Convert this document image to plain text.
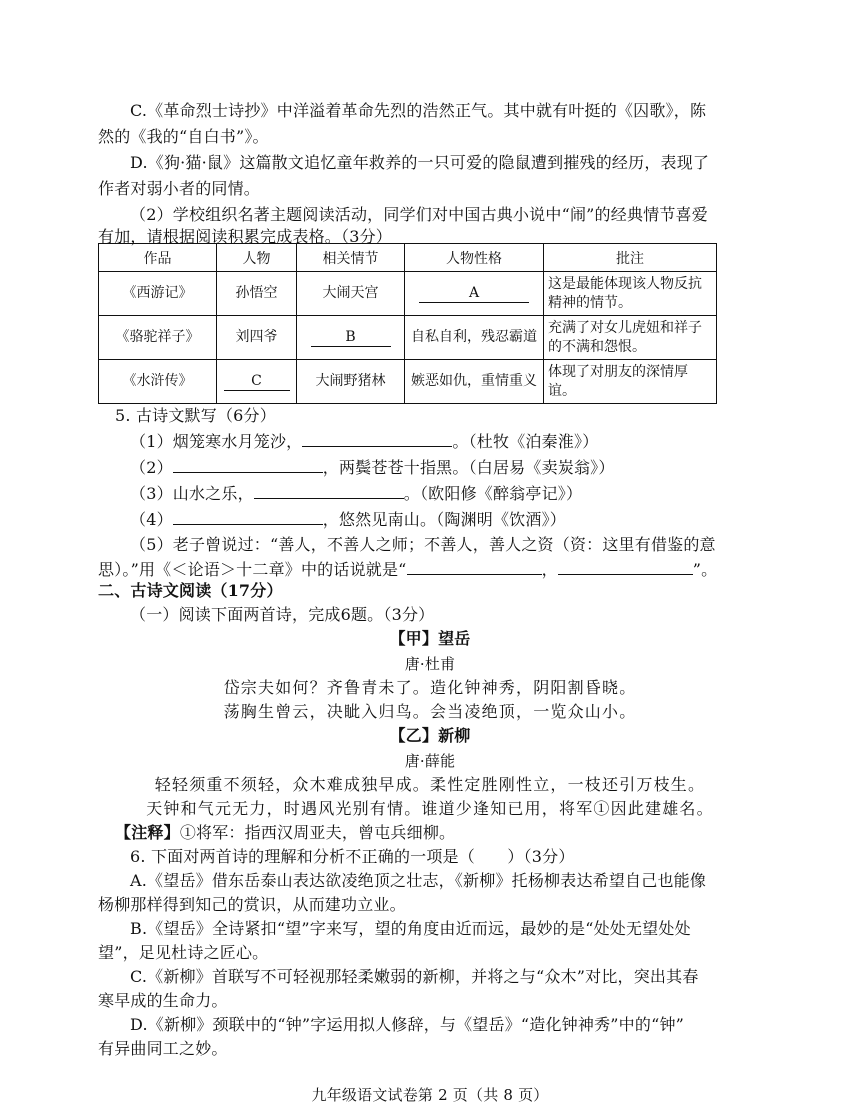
C.《革命烈士诗抄》中洋溢着革命先烈的浩然正气。其中就有叶挺的《囚歌》，陈
然的《我的“自白书”》。
D.《狗·猫·鼠》这篇散文追忆童年救养的一只可爱的隐鼠遭到摧残的经历，表现了
作者对弱小者的同情。
（2）学校组织名著主题阅读活动，同学们对中国古典小说中“闹”的经典情节喜爱
有加，请根据阅读积累完成表格。（3分）
作品	人物	相关情节	人物性格	批注
《西游记》	孙悟空	大闹天宫	A	这是最能体现该人物反抗精神的情节。
《骆驼祥子》	刘四爷	B	自私自利，残忍霸道	充满了对女儿虎妞和祥子的不满和怨恨。
《水浒传》	C	大闹野猪林	嫉恶如仇，重情重义	体现了对朋友的深情厚谊。
5. 古诗文默写（6分）
（1）烟笼寒水月笼沙，	。（杜牧《泊秦淮》）
（2）	，两鬓苍苍十指黑。（白居易《卖炭翁》）
（3）山水之乐，	。（欧阳修《醉翁亭记》）
（4）	，悠然见南山。（陶渊明《饮酒》）
（5）老子曾说过：“善人，不善人之师；不善人，善人之资（资：这里有借鉴的意
思）。”用《＜论语＞十二章》中的话说就是“	，	”。
二、古诗文阅读（17分）
（一）阅读下面两首诗，完成6题。（3分）
【甲】望岳
唐·杜甫
岱宗夫如何？齐鲁青未了。造化钟神秀，阴阳割昏晓。
荡胸生曾云，决眦入归鸟。会当凌绝顶，一览众山小。
【乙】新柳
唐·薛能
轻轻须重不须轻，众木难成独早成。柔性定胜刚性立，一枝还引万枝生。
天钟和气元无力，时遇风光别有情。谁道少逢知已用，将军①因此建雄名。
【注释】①将军：指西汉周亚夫，曾屯兵细柳。
6. 下面对两首诗的理解和分析不正确的一项是（　　）（3分）
A.《望岳》借东岳泰山表达欲凌绝顶之壮志，《新柳》托杨柳表达希望自己也能像
杨柳那样得到知己的赏识，从而建功立业。
B.《望岳》全诗紧扣“望”字来写，望的角度由近而远，最妙的是“处处无望处处
望”，足见杜诗之匠心。
C.《新柳》首联写不可轻视那轻柔嫩弱的新柳，并将之与“众木”对比，突出其春
寒早成的生命力。
D.《新柳》颈联中的“钟”字运用拟人修辞，与《望岳》“造化钟神秀”中的“钟”
有异曲同工之妙。
九年级语文试卷第 2 页（共 8 页）
